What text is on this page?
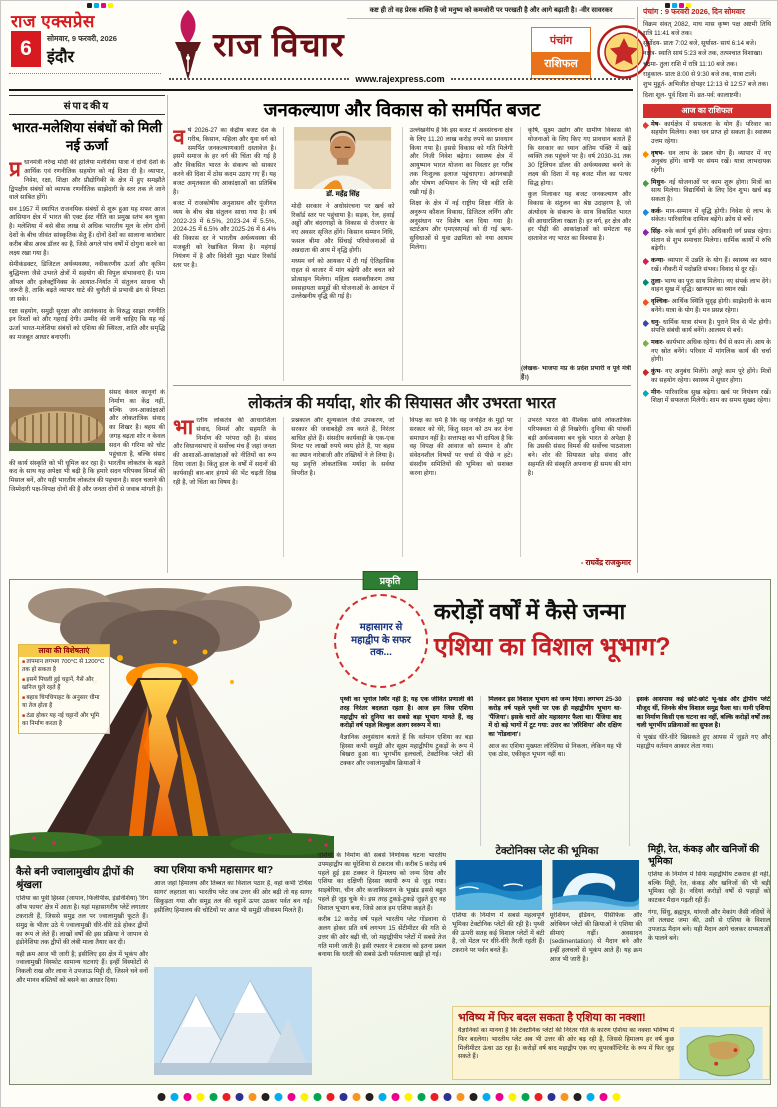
राज एक्सप्रेस
6	सोमवार, 9 फरवरी, 2026
इंदौर	राज विचार
कष्ट ही तो वह प्रेरक शक्ति है जो मनुष्य को कमजोरी पर परखती है और आगे बढ़ाती है। -वीर सावरकर
पंचांग
राशिफल
www.rajexpress.com
पंचांग : 9 फरवरी 2026, दिन सोमवार

विक्रम संवत् 2082, माघ मास कृष्ण पक्ष अष्टमी तिथि रात्रि 11:41 बजे तक।

सूर्योदय- प्रातः 7:02 बजे, सूर्यास्त- सायं 6:14 बजे।

नक्षत्र- स्वाति सायं 5:23 बजे तक, तत्पश्चात विशाखा।

चंद्रमा- तुला राशि में रात्रि 11:10 बजे तक।

राहुकाल- प्रातः 8:00 से 9:30 बजे तक, यात्रा टालें।

शुभ मुहूर्त- अभिजीत दोपहर 12:13 से 12:57 बजे तक।

दिशा शूल- पूर्व दिशा में। व्रत-पर्व: कालाष्टमी।

आज का राशिफल
मेष- कार्यक्षेत्र में सफलता के योग हैं। परिवार का सहयोग मिलेगा। रुका धन प्राप्त हो सकता है। स्वास्थ्य उत्तम रहेगा।
वृषभ- धन लाभ के प्रबल योग हैं। व्यापार में नए अनुबंध होंगे। वाणी पर संयम रखें। यात्रा लाभदायक रहेगी।
मिथुन- नई योजनाओं पर काम शुरू होगा। मित्रों का साथ मिलेगा। विद्यार्थियों के लिए दिन शुभ। खर्च बढ़ सकता है।
कर्क- मान-सम्मान में वृद्धि होगी। निवेश से लाभ के संकेत। पारिवारिक दायित्व बढ़ेंगे। क्रोध से बचें।
सिंह- रुके कार्य पूर्ण होंगे। अधिकारी वर्ग प्रसन्न रहेगा। संतान से शुभ समाचार मिलेगा। धार्मिक कार्यों में रुचि बढ़ेगी।
कन्या- व्यापार में उन्नति के योग हैं। स्वास्थ्य का ध्यान रखें। नौकरी में पदोन्नति संभव। विवाद से दूर रहें।
तुला- भाग्य का पूरा साथ मिलेगा। नए संपर्क लाभ देंगे। वाहन सुख में वृद्धि। खानपान का ध्यान रखें।
वृश्चिक- आर्थिक स्थिति सुदृढ़ होगी। साझेदारी के काम बनेंगे। यात्रा के योग हैं। मन प्रसन्न रहेगा।
धनु- धार्मिक यात्रा संभव है। पुराने मित्र से भेंट होगी। संपत्ति संबंधी कार्य बनेंगे। आलस्य से बचें।
मकर- कार्यभार अधिक रहेगा। धैर्य से काम लें। आय के नए स्रोत बनेंगे। परिवार में मांगलिक कार्य की चर्चा होगी।
कुंभ- नए अनुबंध मिलेंगे। अधूरे काम पूरे होंगे। मित्रों का सहयोग रहेगा। स्वास्थ्य में सुधार होगा।
मीन- पारिवारिक सुख बढ़ेगा। खर्च पर नियंत्रण रखें। शिक्षा में सफलता मिलेगी। शाम का समय सुखद रहेगा।
संपादकीय
भारत-मलेशिया संबंधों को मिली नई ऊर्जा
प्र धानमंत्री नरेन्द्र मोदी की हालिया मलेशिया यात्रा ने दोनों देशों के आर्थिक एवं रणनीतिक सहयोग को नई दिशा दी है। व्यापार, निवेश, रक्षा, शिक्षा और प्रौद्योगिकी के क्षेत्र में हुए समझौते द्विपक्षीय संबंधों को व्यापक रणनीतिक साझेदारी के स्तर तक ले जाने वाले साबित होंगे।

सन 1957 में स्थापित राजनयिक संबंधों से शुरू हुआ यह सफर आज आसियान क्षेत्र में भारत की एक्ट ईस्ट नीति का प्रमुख स्तंभ बन चुका है। मलेशिया में बसे बीस लाख से अधिक भारतीय मूल के लोग दोनों देशों के बीच जीवंत सांस्कृतिक सेतु हैं। दोनों देशों का सालाना कारोबार करीब बीस अरब डॉलर का है, जिसे अगले पांच वर्षों में दोगुना करने का लक्ष्य रखा गया है।

सेमीकंडक्टर, डिजिटल अर्थव्यवस्था, नवीकरणीय ऊर्जा और कृत्रिम बुद्धिमत्ता जैसे उभरते क्षेत्रों में सहयोग की विपुल संभावनाएं हैं। पाम ऑयल और इलेक्ट्रॉनिक्स के आयात-निर्यात में संतुलन साधना भी जरूरी है, ताकि बढ़ते व्यापार घाटे की चुनौती से प्रभावी ढंग से निपटा जा सके।

रक्षा सहयोग, समुद्री सुरक्षा और आतंकवाद के विरुद्ध साझा रणनीति इन रिश्तों को और गहराई देगी। उम्मीद की जानी चाहिए कि यह नई ऊर्जा भारत-मलेशिया संबंधों को एशिया की स्थिरता, शांति और समृद्धि का मजबूत आधार बनाएगी।

जनकल्याण और विकास को समर्पित बजट
व र्ष 2026-27 का केंद्रीय बजट देश के गरीब, किसान, महिला और युवा वर्ग को समर्पित जनकल्याणकारी दस्तावेज है। इसमें समाज के हर वर्ग की चिंता की गई है और विकसित भारत के संकल्प को साकार करने की दिशा में ठोस कदम उठाए गए हैं। यह बजट अमृतकाल की आकांक्षाओं का प्रतिबिंब है।

बजट में राजकोषीय अनुशासन और पूंजीगत व्यय के बीच श्रेष्ठ संतुलन साधा गया है। वर्ष 2022-23 में 6.5%, 2023-24 में 5.5%, 2024-25 में 6.5% और 2025-26 में 6.4% की विकास दर ने भारतीय अर्थव्यवस्था की मजबूती को रेखांकित किया है। महंगाई नियंत्रण में है और विदेशी मुद्रा भंडार रिकॉर्ड स्तर पर है।

डॉ. महेंद्र सिंह

मोदी सरकार ने अधोसंरचना पर खर्च को रिकॉर्ड स्तर पर पहुंचाया है। सड़क, रेल, हवाई अड्डों और बंदरगाहों के विकास से रोजगार के नए अवसर सृजित होंगे। किसान सम्मान निधि, फसल बीमा और सिंचाई परियोजनाओं से अन्नदाता की आय में वृद्धि होगी।

मध्यम वर्ग को आयकर में दी गई ऐतिहासिक राहत से बाजार में मांग बढ़ेगी और बचत को प्रोत्साहन मिलेगा। महिला सशक्तीकरण तथा स्वसहायता समूहों की योजनाओं के आवंटन में उल्लेखनीय वृद्धि की गई है।

उल्लेखनीय है कि इस बजट में अवसंरचना क्षेत्र के लिए 11.20 लाख करोड़ रुपये का प्रावधान किया गया है। इससे विकास को गति मिलेगी और निजी निवेश बढ़ेगा। स्वास्थ्य क्षेत्र में आयुष्मान भारत योजना का विस्तार हर गरीब तक निःशुल्क इलाज पहुंचाएगा। आंगनबाड़ी और पोषण अभियान के लिए भी बड़ी राशि रखी गई है।

शिक्षा के क्षेत्र में नई राष्ट्रीय शिक्षा नीति के अनुरूप कौशल विकास, डिजिटल लर्निंग और अनुसंधान पर विशेष बल दिया गया है। स्टार्टअप और एमएसएमई को दी गई ऋण-सुविधाओं से युवा उद्यमिता को नया आयाम मिलेगा।

कृषि, सूक्ष्म उद्योग और ग्रामीण विकास की योजनाओं के लिए किए गए प्रावधान बताते हैं कि सरकार का ध्यान अंतिम पंक्ति में खड़े व्यक्ति तक पहुंचने पर है। वर्ष 2030-31 तक 30 ट्रिलियन डॉलर की अर्थव्यवस्था बनने के लक्ष्य की दिशा में यह बजट मील का पत्थर सिद्ध होगा।

कुल मिलाकर यह बजट जनकल्याण और विकास के संतुलन का श्रेष्ठ उदाहरण है, जो अंत्योदय के संकल्प के साथ विकसित भारत की आधारशिला रखता है। हर वर्ग, हर क्षेत्र और हर पीढ़ी की आकांक्षाओं को समेटता यह दस्तावेज नए भारत का विश्वास है।

(लेखक- भाजपा मप्र के प्रदेश प्रभारी व पूर्व मंत्री हैं।)

संसद केवल कानूनों के निर्माण का केंद्र नहीं, बल्कि जन-आकांक्षाओं और लोकतांत्रिक संवाद का शिखर है। बहस की जगह बढ़ता शोर न केवल सदन की गरिमा को चोट पहुंचाता है, बल्कि संसद की कार्य संस्कृति को भी धूमिल कर रहा है। भारतीय लोकतंत्र के बढ़ते कद के साथ यह अपेक्षा भी बढ़ी है कि हमारे सदन परिपक्व विमर्श की मिसाल बनें, और यही भारतीय लोकतंत्र की पहचान है। सदन चलाने की जिम्मेदारी पक्ष-विपक्ष दोनों की है और जनता दोनों से जवाब मांगती है।

लोकतंत्र की मर्यादा, शोर की सियासत और उभरता भारत
भा रतीय लोकतंत्र की आधारशिला संवाद, विमर्श और सहमति के निर्माण की परंपरा रही है। संसद और विधानसभाएं वे सर्वोच्च मंच हैं जहां जनता की आशाओं-आकांक्षाओं को नीतियों का रूप दिया जाता है। किंतु हाल के वर्षों में सदनों की कार्यवाही बार-बार हंगामे की भेंट चढ़ती दिख रही है, जो चिंता का विषय है।

प्रश्नकाल और शून्यकाल जैसे उपकरण, जो सरकार की जवाबदेही तय करते हैं, निरंतर बाधित होते हैं। संसदीय कार्यवाही के एक-एक मिनट पर लाखों रुपये व्यय होते हैं, पर बहस का स्थान नारेबाजी और तख्तियों ने ले लिया है। यह प्रवृत्ति लोकतांत्रिक मर्यादा के सर्वथा विपरीत है।

विपक्ष का धर्म है कि वह जनहित के मुद्दों पर सरकार को घेरे, किंतु सदन को ठप कर देना समाधान नहीं है। सत्तापक्ष का भी दायित्व है कि वह विपक्ष की आवाज को सम्मान दे और संवेदनशील विषयों पर चर्चा से पीछे न हटे। संसदीय समितियों की भूमिका को सशक्त करना होगा।

उभरते भारत की वैश्विक छवि लोकतांत्रिक परिपक्वता से ही निखरेगी। दुनिया की पांचवीं बड़ी अर्थव्यवस्था बन चुके भारत से अपेक्षा है कि उसकी संसद विमर्श की सर्वोच्च पाठशाला बने। शोर की सियासत छोड़ संवाद और सहमति की संस्कृति अपनाना ही समय की मांग है।

- राघवेंद्र राजकुमार
प्रकृति
लावा की विशेषताएं

■ तापमान लगभग 700°C से 1200°C तक हो सकता है

■ इसमें पिघली हुई चट्टानें, गैसें और खनिज घुले रहते हैं

■ बहाव चिपचिपाहट के अनुसार धीमा या तेज होता है

■ ठंडा होकर यह नई चट्टानों और भूमि का निर्माण करता है

महासागर से महाद्वीप के सफर तक...
करोड़ों वर्षों में कैसे जन्मा
एशिया का विशाल भूभाग?

पृथ्वी का भूगोल स्थिर नहीं है; यह एक जीवित प्रणाली की तरह निरंतर बदलता रहता है। आज हम जिस एशिया महाद्वीप को दुनिया का सबसे बड़ा भूभाग मानते हैं, वह करोड़ों वर्ष पहले बिल्कुल अलग स्वरूप में था।

वैज्ञानिक अनुसंधान बताते हैं कि वर्तमान एशिया का बड़ा हिस्सा कभी समुद्री और सूक्ष्म महाद्वीपीय टुकड़ों के रूप में बिखरा हुआ था। भूगर्भीय हलचलों, टेक्टोनिक प्लेटों की टक्कर और ज्वालामुखीय क्रियाओं ने

मिलकर इस विशाल भूभाग को जन्म दिया। लगभग 25-30 करोड़ वर्ष पहले पृथ्वी पर एक ही महाद्वीपीय भूभाग था- 'पैंजिया'। इसके चारों ओर महासागर फैला था। पैंजिया बाद में दो बड़े भागों में टूट गया: उत्तर का 'लॉरेशिया' और दक्षिण का 'गोंडवाना'।

आज का एशिया मुख्यतः लॉरेशिया से निकला, लेकिन यह भी एक ठोस, एकीकृत भूभाग नहीं था।

इसके आसपास कई छोटे-छोटे भू-खंड और द्वीपीय प्लेटें मौजूद थीं, जिनके बीच विशाल समुद्र फैला था। यानी एशिया का निर्माण किसी एक घटना का नहीं, बल्कि करोड़ों वर्षों तक चली भूगर्भीय प्रक्रियाओं का सुफल है।

ये भूखंड धीरे-धीरे खिसकते हुए आपस में जुड़ते गए और महाद्वीप वर्तमान आकार लेता गया।

कैसे बनी ज्वालामुखीय द्वीपों की श्रृंखला

एशिया का पूर्वी हिस्सा (जापान, फिलीपींस, इंडोनेशिया) 'रिंग ऑफ फायर' क्षेत्र में आता है। यहां महासागरीय प्लेटें लगातार टकराती हैं, जिससे समुद्र तल पर ज्वालामुखी फूटते हैं। समुद्र के भीतर उठे ये ज्वालामुखी धीरे-धीरे ठंडे होकर द्वीपों का रूप ले लेते हैं। लाखों वर्षों की इस प्रक्रिया ने जापान से इंडोनेशिया तक द्वीपों की लंबी माला तैयार कर दी।

यही क्रम आज भी जारी है; इसीलिए इस क्षेत्र में भूकंप और ज्वालामुखी विस्फोट सामान्य घटनाएं हैं। इन्हीं विस्फोटों से निकली राख और लावा ने उपजाऊ मिट्टी दी, जिसने घने वनों और मानव बस्तियों को बसने का आधार दिया।

क्या एशिया कभी महासागर था?

आज जहां हिमालय और तिब्बत का विशाल पठार है, वहां कभी 'टेथिस सागर' लहराता था। भारतीय प्लेट जब उत्तर की ओर बढ़ी तो यह सागर सिकुड़ता गया और समुद्र तल की चट्टानें ऊपर उठकर पर्वत बन गईं। इसीलिए हिमालय की चोटियों पर आज भी समुद्री जीवाश्म मिलते हैं।

एशिया के निर्माण की सबसे निर्णायक घटना भारतीय उपमहाद्वीप का यूरेशिया से टकराव थी। करीब 5 करोड़ वर्ष पहले हुई इस टक्कर ने हिमालय को जन्म दिया और एशिया का दक्षिणी हिस्सा स्थायी रूप से जुड़ गया। साइबेरिया, चीन और कजाकिस्तान के भूखंड इससे बहुत पहले ही जुड़ चुके थे। इस तरह टुकड़े-टुकड़े जुड़ते हुए वह विशाल भूभाग बना, जिसे आज हम एशिया कहते हैं।

करीब 12 करोड़ वर्ष पहले भारतीय प्लेट गोंडवाना से अलग होकर प्रति वर्ष लगभग 15 सेंटीमीटर की गति से उत्तर की ओर बढ़ी थी, जो महाद्वीपीय प्लेटों में सबसे तेज गति मानी जाती है। इसी रफ्तार ने टकराव को इतना प्रबल बनाया कि धरती की सबसे ऊंची पर्वतमाला खड़ी हो गई।

टेक्टोनिक्स प्लेट की भूमिका

एशिया के निर्माण में सबसे महत्वपूर्ण भूमिका टेक्टोनिक प्लेटों की रही है। पृथ्वी की ऊपरी सतह कई विशाल प्लेटों में बंटी है, जो मेंटल पर धीरे-धीरे तैरती रहती हैं। टकराने पर पर्वत बनते हैं।

यूरेशियन, इंडियन, पैसिफिक और अरेबियन प्लेटों की क्रियाओं ने एशिया की सीमाएं गढ़ीं। अवसादन (sedimentation) से मैदान बने और इन्हीं हलचलों से भूकंप आते हैं। यह क्रम आज भी जारी है।

मिट्टी, रेत, कंकड़ और खनिजों की भूमिका

एशिया के निर्माण में सिर्फ महाद्वीपीय टकराव ही नहीं, बल्कि मिट्टी, रेत, कंकड़ और खनिजों की भी बड़ी भूमिका रही है। नदियां करोड़ों वर्षों से पहाड़ों को काटकर मैदान गढ़ती रही हैं।

गंगा, सिंधु, ब्रह्मपुत्र, यांग्त्जी और मेकांग जैसी नदियों ने जो तलछट जमा की, उसी से एशिया के विशाल उपजाऊ मैदान बने। यही मैदान आगे चलकर सभ्यताओं के पालने बने।

भविष्य में फिर बदल सकता है एशिया का नक्शा!

वैज्ञानिकों का मानना है कि टेक्टोनिक प्लेटों की निरंतर गति के कारण एशिया का नक्शा भविष्य में फिर बदलेगा। भारतीय प्लेट अब भी उत्तर की ओर बढ़ रही है, जिससे हिमालय हर वर्ष कुछ मिलीमीटर ऊंचा उठ रहा है। करोड़ों वर्ष बाद महाद्वीप एक नए सुपरकॉन्टिनेंट के रूप में फिर जुड़ सकते हैं।
